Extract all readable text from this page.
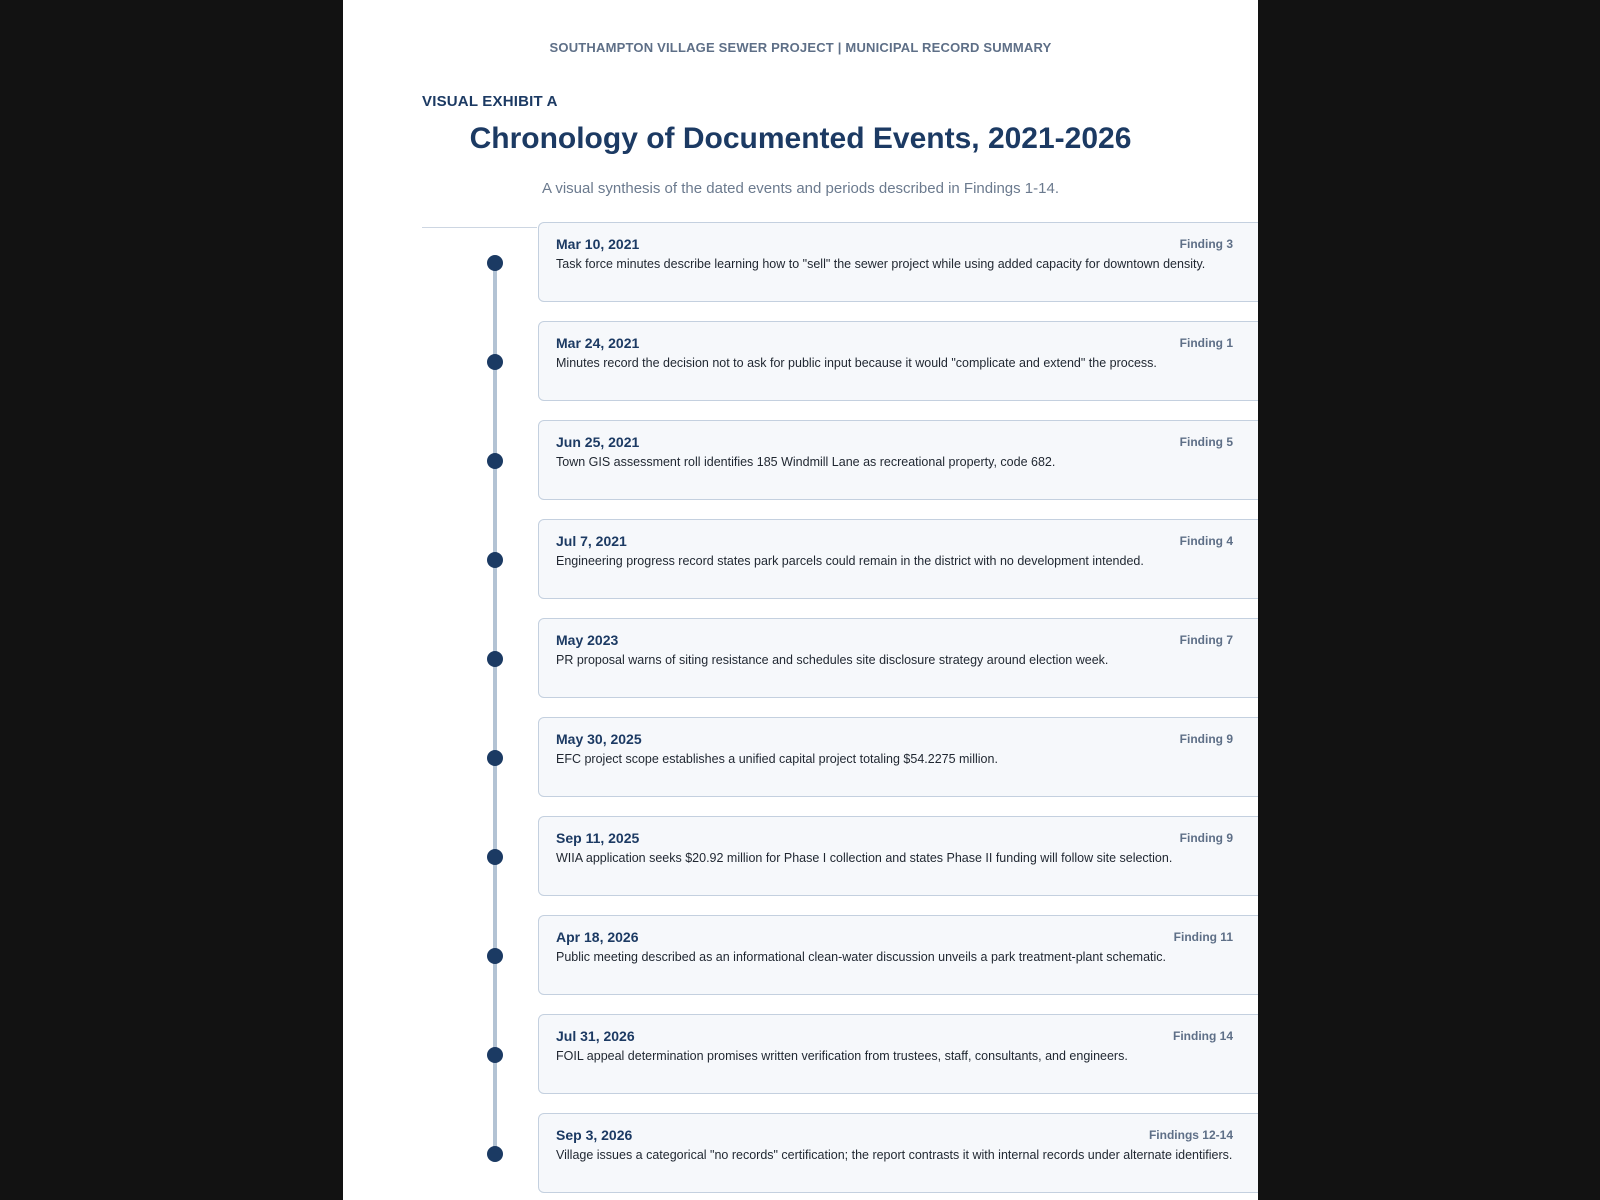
SOUTHAMPTON VILLAGE SEWER PROJECT | MUNICIPAL RECORD SUMMARY
VISUAL EXHIBIT A
Chronology of Documented Events, 2021-2026
A visual synthesis of the dated events and periods described in Findings 1-14.
Mar 10, 2021	Finding 3
Task force minutes describe learning how to "sell" the sewer project while using added capacity for downtown density.
Mar 24, 2021	Finding 1
Minutes record the decision not to ask for public input because it would "complicate and extend" the process.
Jun 25, 2021	Finding 5
Town GIS assessment roll identifies 185 Windmill Lane as recreational property, code 682.
Jul 7, 2021	Finding 4
Engineering progress record states park parcels could remain in the district with no development intended.
May 2023	Finding 7
PR proposal warns of siting resistance and schedules site disclosure strategy around election week.
May 30, 2025	Finding 9
EFC project scope establishes a unified capital project totaling $54.2275 million.
Sep 11, 2025	Finding 9
WIIA application seeks $20.92 million for Phase I collection and states Phase II funding will follow site selection.
Apr 18, 2026	Finding 11
Public meeting described as an informational clean-water discussion unveils a park treatment-plant schematic.
Jul 31, 2026	Finding 14
FOIL appeal determination promises written verification from trustees, staff, consultants, and engineers.
Sep 3, 2026	Findings 12-14
Village issues a categorical "no records" certification; the report contrasts it with internal records under alternate identifiers.
